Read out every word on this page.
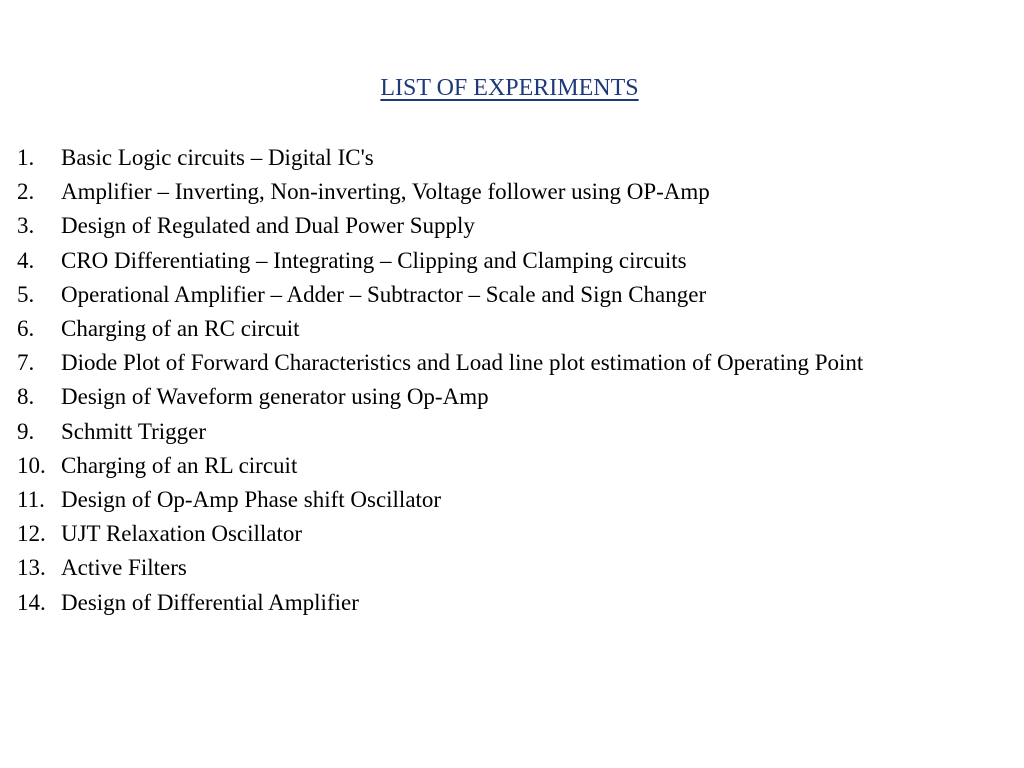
LIST OF EXPERIMENTS
1.	Basic Logic circuits – Digital IC's
2.	Amplifier – Inverting, Non-inverting, Voltage follower using OP-Amp
3.	Design of Regulated and Dual Power Supply
4.	CRO Differentiating – Integrating – Clipping and Clamping circuits
5.	Operational Amplifier – Adder – Subtractor – Scale and Sign Changer
6.	Charging of an RC circuit
7.	Diode Plot of Forward Characteristics and Load line plot estimation of Operating Point
8.	Design of Waveform generator using Op-Amp
9.	Schmitt Trigger
10. Charging of an RL circuit
11. Design of Op-Amp Phase shift Oscillator
12. UJT Relaxation Oscillator
13. Active Filters
14. Design of Differential Amplifier
